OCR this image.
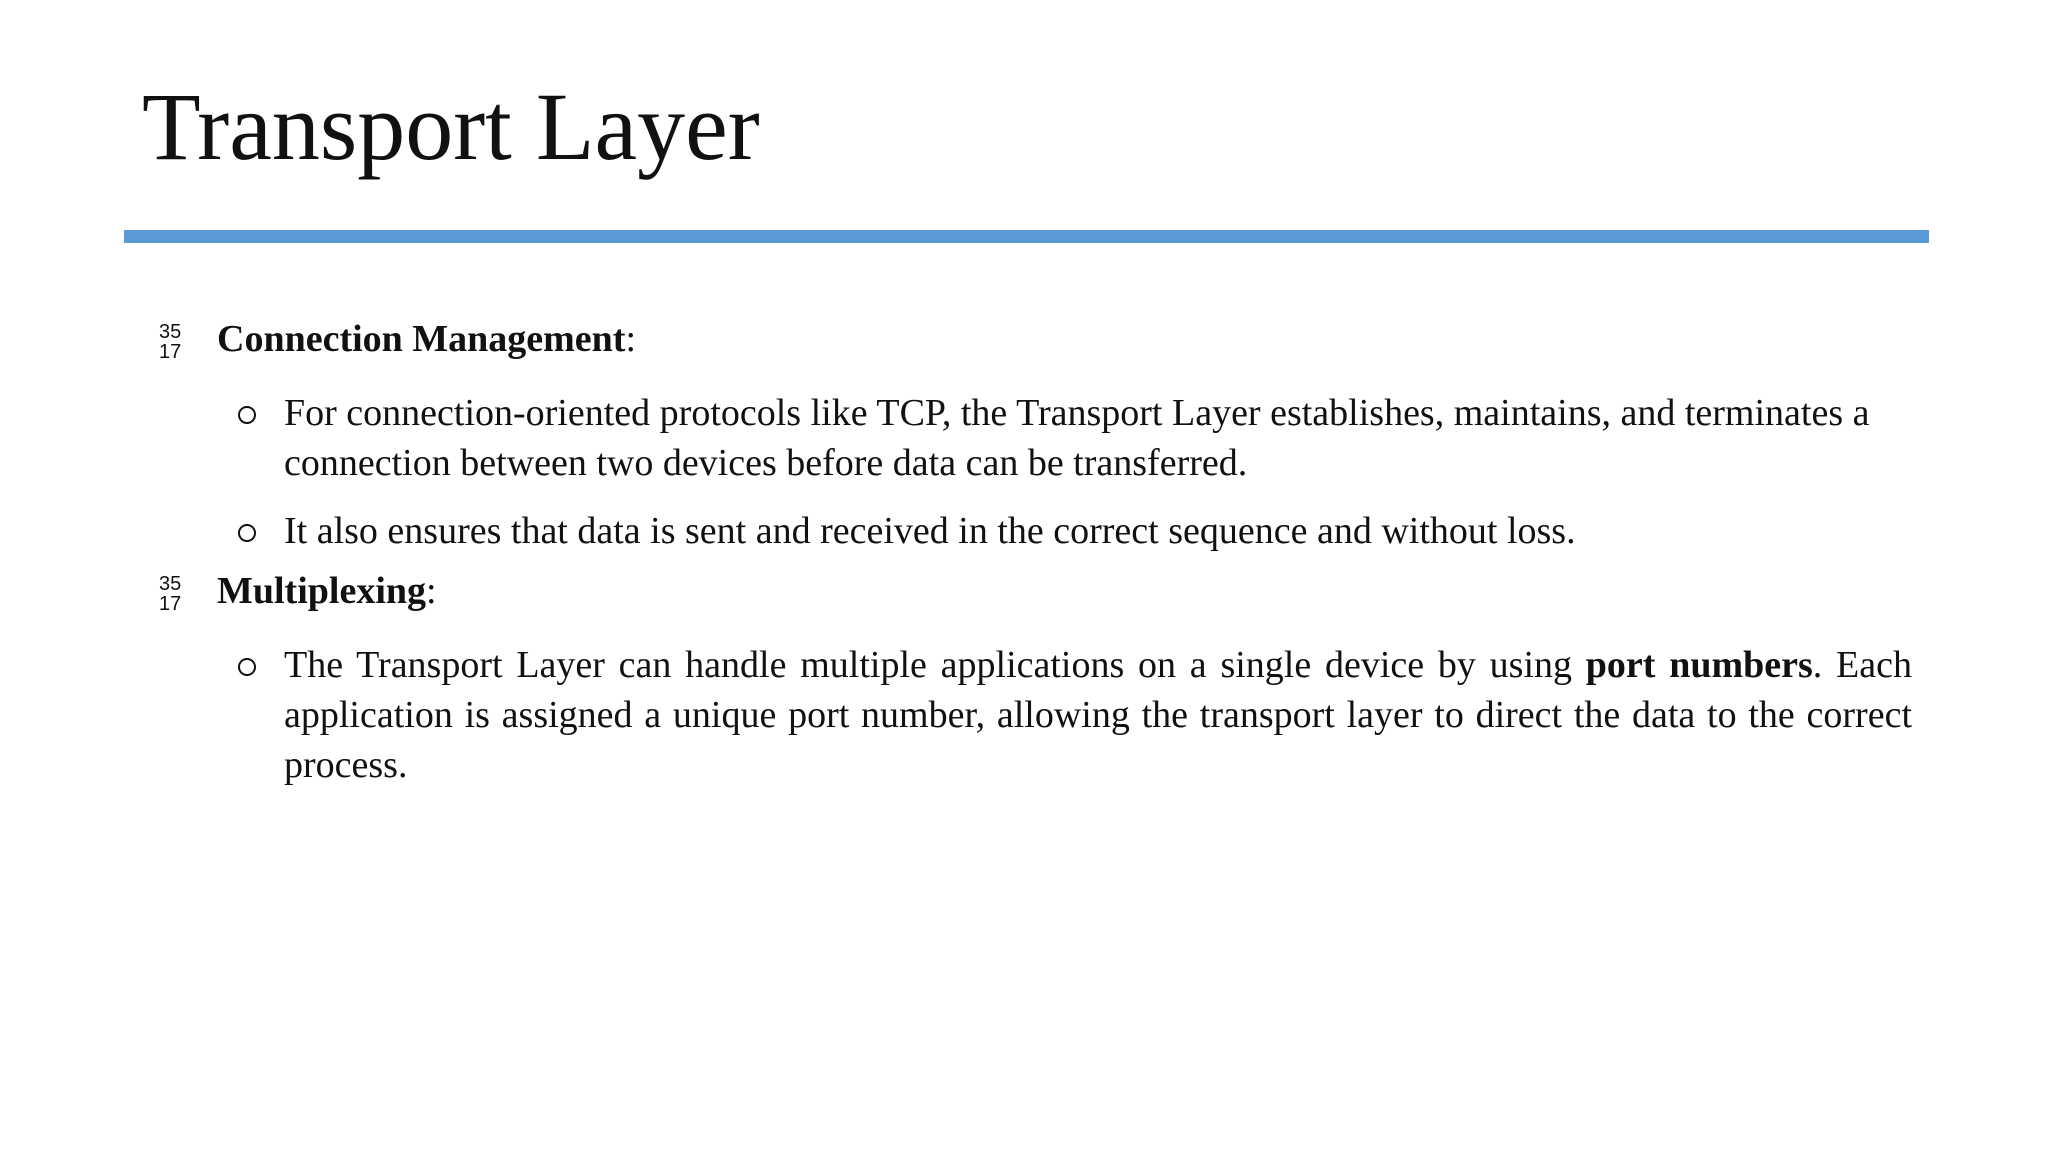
Transport Layer
35
17 Connection Management:
For connection-oriented protocols like TCP, the Transport Layer establishes, maintains, and terminates a connection between two devices before data can be transferred.
It also ensures that data is sent and received in the correct sequence and without loss.
35
17 Multiplexing:
The Transport Layer can handle multiple applications on a single device by using port numbers. Each application is assigned a unique port number, allowing the transport layer to direct the data to the correct process.
